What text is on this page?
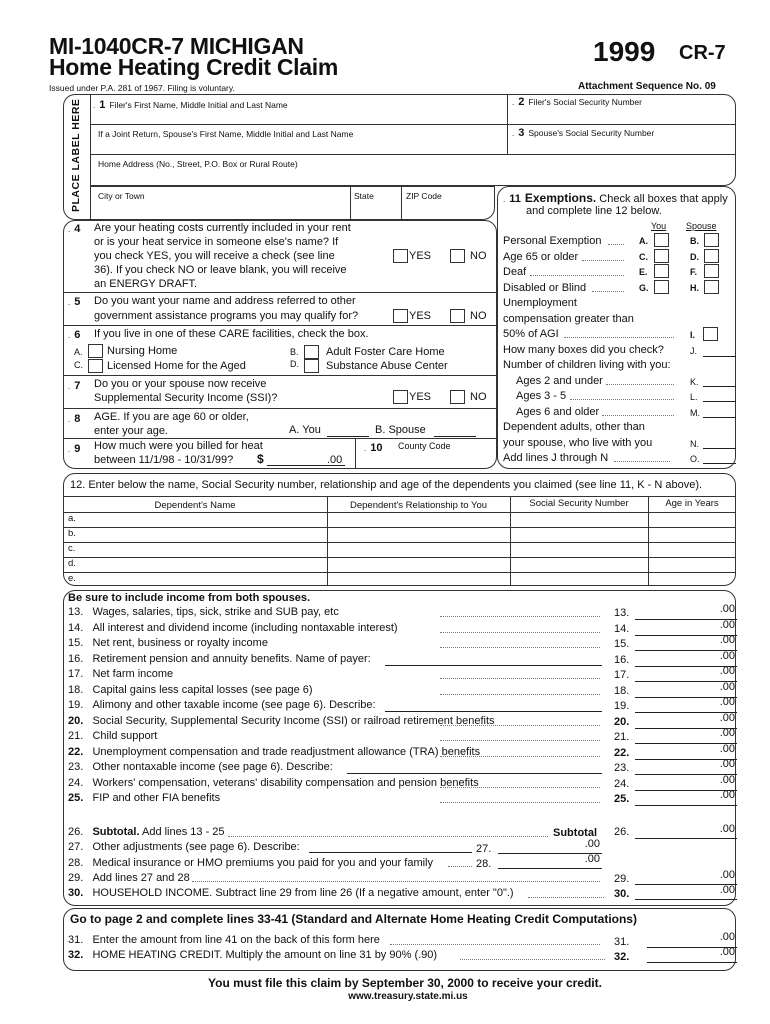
MI-1040CR-7 MICHIGAN
Home Heating Credit Claim
Issued under P.A. 281 of 1967. Filing is voluntary.
1999 CR-7
Attachment Sequence No. 09
PLACE LABEL HERE . 1 Filer's First Name, Middle Initial and Last Name
If a Joint Return, Spouse's First Name, Middle Initial and Last Name
Home Address (No., Street, P.O. Box or Rural Route)
City or Town	State	ZIP Code
. 2 Filer's Social Security Number
. 3 Spouse's Social Security Number
. 4	Are your heating costs currently included in your rent
or is your heat service in someone else's name? If
you check YES, you will receive a check (see line
36). If you check NO or leave blank, you will receive
an ENERGY DRAFT.
YES	NO
. 5	Do you want your name and address referred to other
government assistance programs you may qualify for?	YES	NO
. 6	If you live in one of these CARE facilities, check the box.
A. Nursing Home	B. Adult Foster Care Home
C. Licensed Home for the Aged	D. Substance Abuse Center
. 7	Do you or your spouse now receive
Supplemental Security Income (SSI)?	YES	NO
. 8	AGE. If you are age 60 or older,
enter your age.	A. You	B. Spouse
. 9	How much were you billed for heat
between 11/1/98 - 10/31/99? $	.00
. 10	County Code
. 11 Exemptions. Check all boxes that apply
and complete line 12 below.
You Spouse
Personal Exemption	A.	B.
Age 65 or older	C.	D.
Deaf	E.	F.
Disabled or Blind	G.	H.
Unemployment
compensation greater than
50% of AGI	I.
How many boxes did you check?	J.
Number of children living with you:
Ages 2 and under	K.
Ages 3 - 5	L.
Ages 6 and older	M.
Dependent adults, other than
your spouse, who live with you	N.
Add lines J through N	O.
12. Enter below the name, Social Security number, relationship and age of the dependents you claimed (see line 11, K - N above).
Dependent's Name	Dependent's Relationship to You	Social Security Number	Age in Years
a.
b.
c.
d.
e.
Be sure to include income from both spouses.
13. Wages, salaries, tips, sick, strike and SUB pay, etc	13.	.00
14. All interest and dividend income (including nontaxable interest)	14.	.00
15. Net rent, business or royalty income	15.	.00
16. Retirement pension and annuity benefits. Name of payer:	16.	.00
17. Net farm income	17.	.00
18. Capital gains less capital losses (see page 6)	18.	.00
19. Alimony and other taxable income (see page 6). Describe:	19.	.00
20. Social Security, Supplemental Security Income (SSI) or railroad retirement benefits	20.	.00
21. Child support	21.	.00
22. Unemployment compensation and trade readjustment allowance (TRA) benefits	22.	.00
23. Other nontaxable income (see page 6). Describe:	23.	.00
24. Workers' compensation, veterans' disability compensation and pension benefits	24.	.00
25. FIP and other FIA benefits	25.	.00
26. Subtotal. Add lines 13 - 25	Subtotal 26.	.00
27. Other adjustments (see page 6). Describe:	27.	.00
28. Medical insurance or HMO premiums you paid for you and your family	28.	.00
29. Add lines 27 and 28	29.	.00
30. HOUSEHOLD INCOME. Subtract line 29 from line 26 (If a negative amount, enter "0".)	30.	.00
Go to page 2 and complete lines 33-41 (Standard and Alternate Home Heating Credit Computations)
31. Enter the amount from line 41 on the back of this form here	31.	.00
32. HOME HEATING CREDIT. Multiply the amount on line 31 by 90% (.90)	32.	.00
You must file this claim by September 30, 2000 to receive your credit.
www.treasury.state.mi.us
